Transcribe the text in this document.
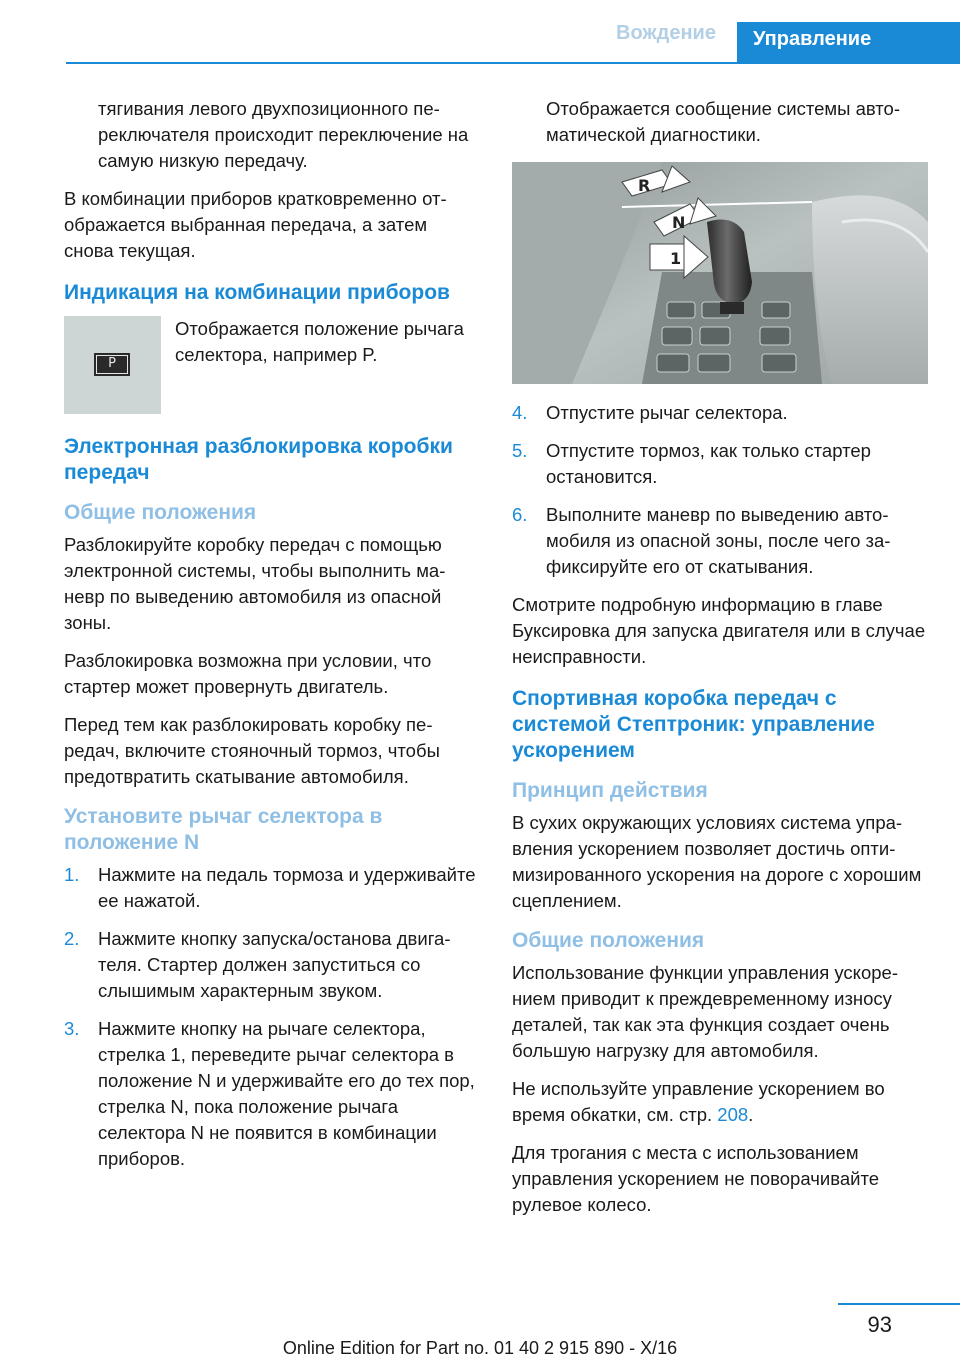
Вождение	Управление

тягивания левого двухпозиционного переключателя происходит переключение на самую низкую передачу.

В комбинации приборов кратковременно отображается выбранная передача, а затем снова текущая.

Индикация на комбинации приборов
P

Отображается положение рычага селектора, например P.

Электронная разблокировка коробки передач
Общие положения

Разблокируйте коробку передач с помощью электронной системы, чтобы выполнить маневр по выведению автомобиля из опасной зоны.

Разблокировка возможна при условии, что стартер может провернуть двигатель.

Перед тем как разблокировать коробку передач, включите стояночный тормоз, чтобы предотвратить скатывание автомобиля.

Установите рычаг селектора в положение N
1.	Нажмите на педаль тормоза и удерживайте ее нажатой.
2.	Нажмите кнопку запуска/останова двигателя. Стартер должен запуститься со слышимым характерным звуком.
3.	Нажмите кнопку на рычаге селектора, стрелка 1, переведите рычаг селектора в положение N и удерживайте его до тех пор, стрелка N, пока положение рычага селектора N не появится в комбинации приборов.

Отображается сообщение системы автоматической диагностики.

R
N
1
4.	Отпустите рычаг селектора.
5.	Отпустите тормоз, как только стартер остановится.
6.	Выполните маневр по выведению автомобиля из опасной зоны, после чего зафиксируйте его от скатывания.

Смотрите подробную информацию в главе Буксировка для запуска двигателя или в случае неисправности.

Спортивная коробка передач с системой Стептроник: управление ускорением
Принцип действия

В сухих окружающих условиях система управления ускорением позволяет достичь оптимизированного ускорения на дороге с хорошим сцеплением.

Общие положения

Использование функции управления ускорением приводит к преждевременному износу деталей, так как эта функция создает очень большую нагрузку для автомобиля.

Не используйте управление ускорением во время обкатки, см. стр. 208.

Для трогания с места с использованием управления ускорением не поворачивайте рулевое колесо.

93
Online Edition for Part no. 01 40 2 915 890 - X/16
